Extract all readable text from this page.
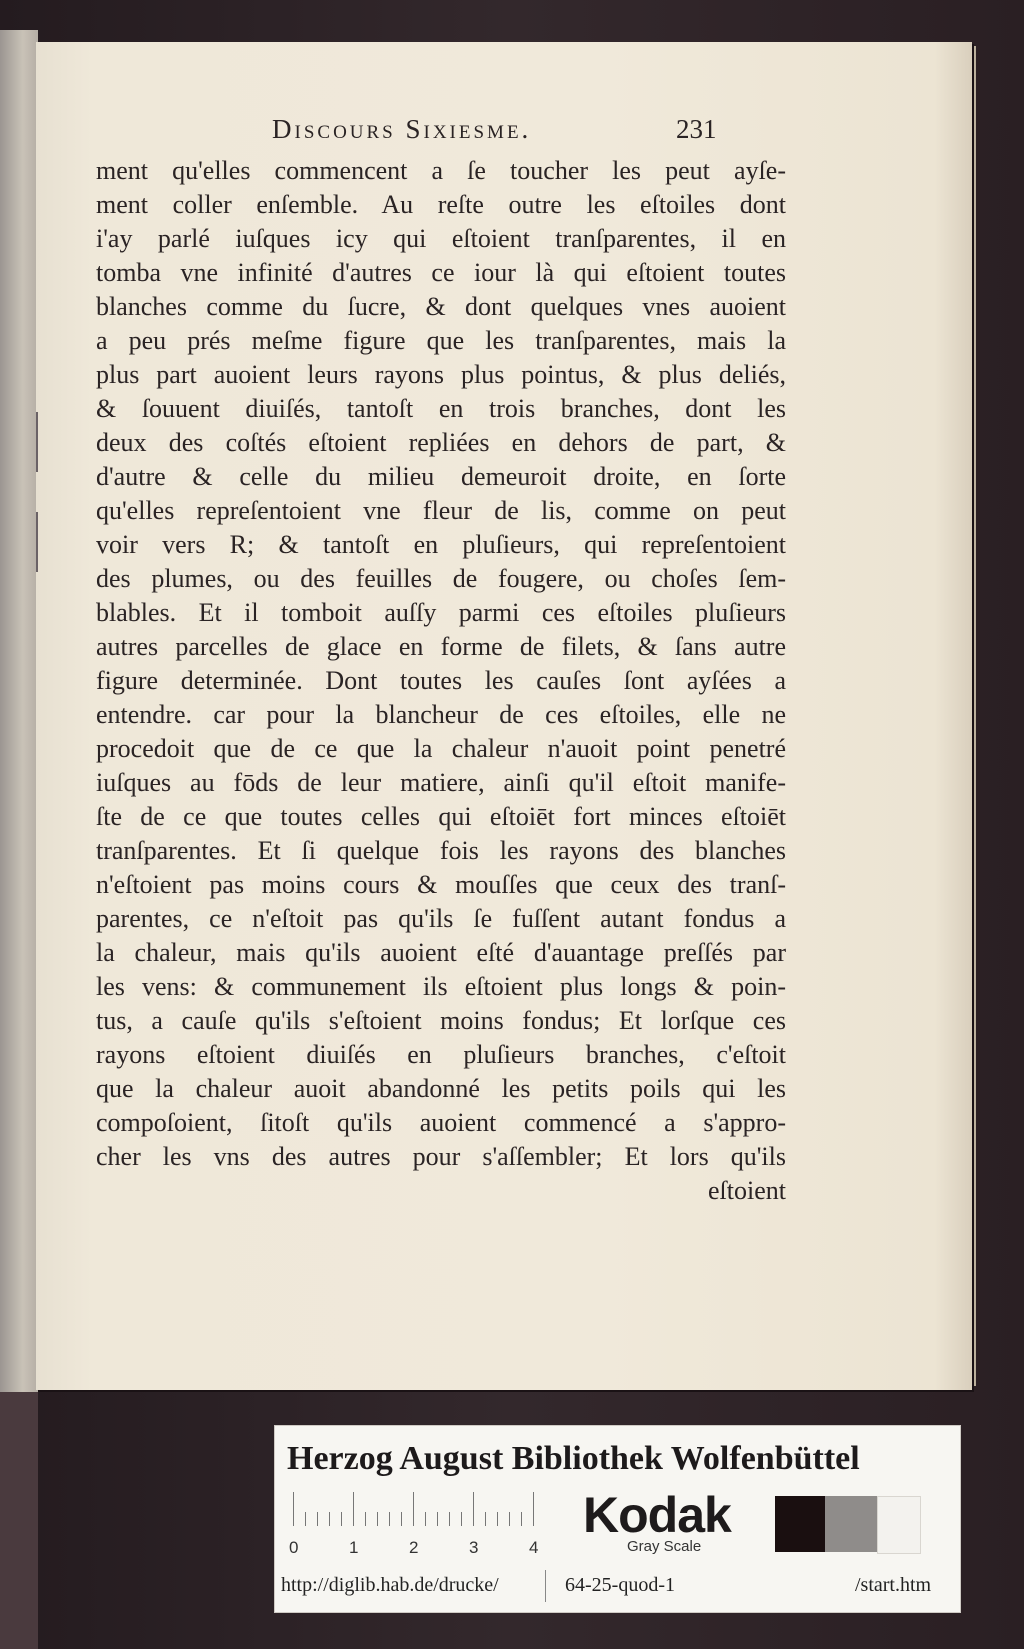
Discours Sixiesme.	231
ment qu'elles commencent a ſe toucher les peut ayſe-
ment coller enſemble. Au reſte outre les eſtoiles dont
i'ay parlé iuſques icy qui eſtoient tranſparentes, il en
tomba vne infinité d'autres ce iour là qui eſtoient toutes
blanches comme du ſucre, & dont quelques vnes auoient
a peu prés meſme figure que les tranſparentes, mais la
plus part auoient leurs rayons plus pointus, & plus deliés,
& ſouuent diuiſés, tantoſt en trois branches, dont les
deux des coſtés eſtoient repliées en dehors de part, &
d'autre & celle du milieu demeuroit droite, en ſorte
qu'elles repreſentoient vne fleur de lis, comme on peut
voir vers R; & tantoſt en pluſieurs, qui repreſentoient
des plumes, ou des feuilles de fougere, ou choſes ſem-
blables. Et il tomboit auſſy parmi ces eſtoiles pluſieurs
autres parcelles de glace en forme de filets, & ſans autre
figure determinée. Dont toutes les cauſes ſont ayſées a
entendre. car pour la blancheur de ces eſtoiles, elle ne
procedoit que de ce que la chaleur n'auoit point penetré
iuſques au fōds de leur matiere, ainſi qu'il eſtoit manife-
ſte de ce que toutes celles qui eſtoiēt fort minces eſtoiēt
tranſparentes. Et ſi quelque fois les rayons des blanches
n'eſtoient pas moins cours & mouſſes que ceux des tranſ-
parentes, ce n'eſtoit pas qu'ils ſe fuſſent autant fondus a
la chaleur, mais qu'ils auoient eſté d'auantage preſſés par
les vens: & communement ils eſtoient plus longs & poin-
tus, a cauſe qu'ils s'eſtoient moins fondus; Et lorſque ces
rayons eſtoient diuiſés en pluſieurs branches, c'eſtoit
que la chaleur auoit abandonné les petits poils qui les
compoſoient, ſitoſt qu'ils auoient commencé a s'appro-
cher les vns des autres pour s'aſſembler; Et lors qu'ils
eſtoient
Herzog August Bibliothek Wolfenbüttel
0	1	2	3	4
Kodak
Gray Scale
http://diglib.hab.de/drucke/	64-25-quod-1	/start.htm
